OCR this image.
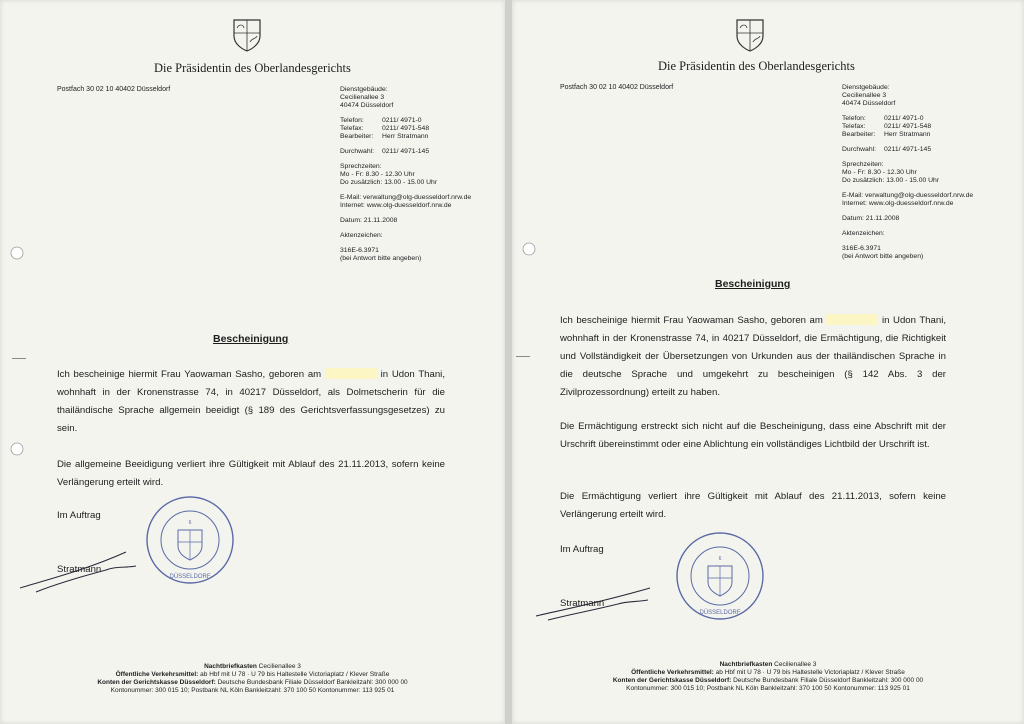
Die Präsidentin des Oberlandesgerichts
Postfach 30 02 10 40402 Düsseldorf	Dienstgebäude:
Cecilienallee 3
40474 Düsseldorf
Telefon:	0211/ 4971-0
Telefax:	0211/ 4971-548
Bearbeiter:	Herr Stratmann
Durchwahl:	0211/ 4971-145
Sprechzeiten:
Mo - Fr: 8.30 - 12.30 Uhr
Do zusätzlich: 13.00 - 15.00 Uhr
E-Mail: verwaltung@olg-duesseldorf.nrw.de
Internet: www.olg-duesseldorf.nrw.de
Datum: 21.11.2008
Aktenzeichen:
316E-6.3971
(bei Antwort bitte angeben)
Bescheinigung
Ich bescheinige hiermit Frau Yaowaman Sasho, geboren am	in Udon Thani, wohnhaft in der Kronenstrasse 74, in 40217 Düsseldorf, als Dolmetscherin für die thailändische Sprache allgemein beeidigt (§ 189 des Gerichtsverfassungsgesetzes) zu sein.
Die allgemeine Beeidigung verliert ihre Gültigkeit mit Ablauf des 21.11.2013, sofern keine Verlängerung erteilt wird.
Im Auftrag
6
DÜSSELDORF
Stratmann
Nachtbriefkasten Cecilienallee 3
Öffentliche Verkehrsmittel: ab Hbf mit U 78 · U 79 bis Haltestelle Victoriaplatz / Klever Straße
Konten der Gerichtskasse Düsseldorf: Deutsche Bundesbank Filiale Düsseldorf Bankleitzahl: 300 000 00
Kontonummer: 300 015 10; Postbank NL Köln Bankleitzahl: 370 100 50 Kontonummer: 113 925 01
Die Präsidentin des Oberlandesgerichts
Postfach 30 02 10 40402 Düsseldorf	Dienstgebäude:
Cecilienallee 3
40474 Düsseldorf
Telefon:	0211/ 4971-0
Telefax:	0211/ 4971-548
Bearbeiter:	Herr Stratmann
Durchwahl:	0211/ 4971-145
Sprechzeiten:
Mo - Fr: 8.30 - 12.30 Uhr
Do zusätzlich: 13.00 - 15.00 Uhr
E-Mail: verwaltung@olg-duesseldorf.nrw.de
Internet: www.olg-duesseldorf.nrw.de
Datum: 21.11.2008
Aktenzeichen:
316E-6.3971
(bei Antwort bitte angeben)
Bescheinigung
Ich bescheinige hiermit Frau Yaowaman Sasho, geboren am	in Udon Thani, wohnhaft in der Kronenstrasse 74, in 40217 Düsseldorf, die Ermächtigung, die Richtigkeit und Vollständigkeit der Übersetzungen von Urkunden aus der thailändischen Sprache in die deutsche Sprache und umgekehrt zu bescheinigen (§ 142 Abs. 3 der Zivilprozessordnung) erteilt zu haben.
Die Ermächtigung erstreckt sich nicht auf die Bescheinigung, dass eine Abschrift mit der Urschrift übereinstimmt oder eine Ablichtung ein vollständiges Lichtbild der Urschrift ist.
Die Ermächtigung verliert ihre Gültigkeit mit Ablauf des 21.11.2013, sofern keine Verlängerung erteilt wird.
Im Auftrag
6
DÜSSELDORF
Stratmann
Nachtbriefkasten Cecilienallee 3
Öffentliche Verkehrsmittel: ab Hbf mit U 78 · U 79 bis Haltestelle Victoriaplatz / Klever Straße
Konten der Gerichtskasse Düsseldorf: Deutsche Bundesbank Filiale Düsseldorf Bankleitzahl: 300 000 00
Kontonummer: 300 015 10; Postbank NL Köln Bankleitzahl: 370 100 50 Kontonummer: 113 925 01
